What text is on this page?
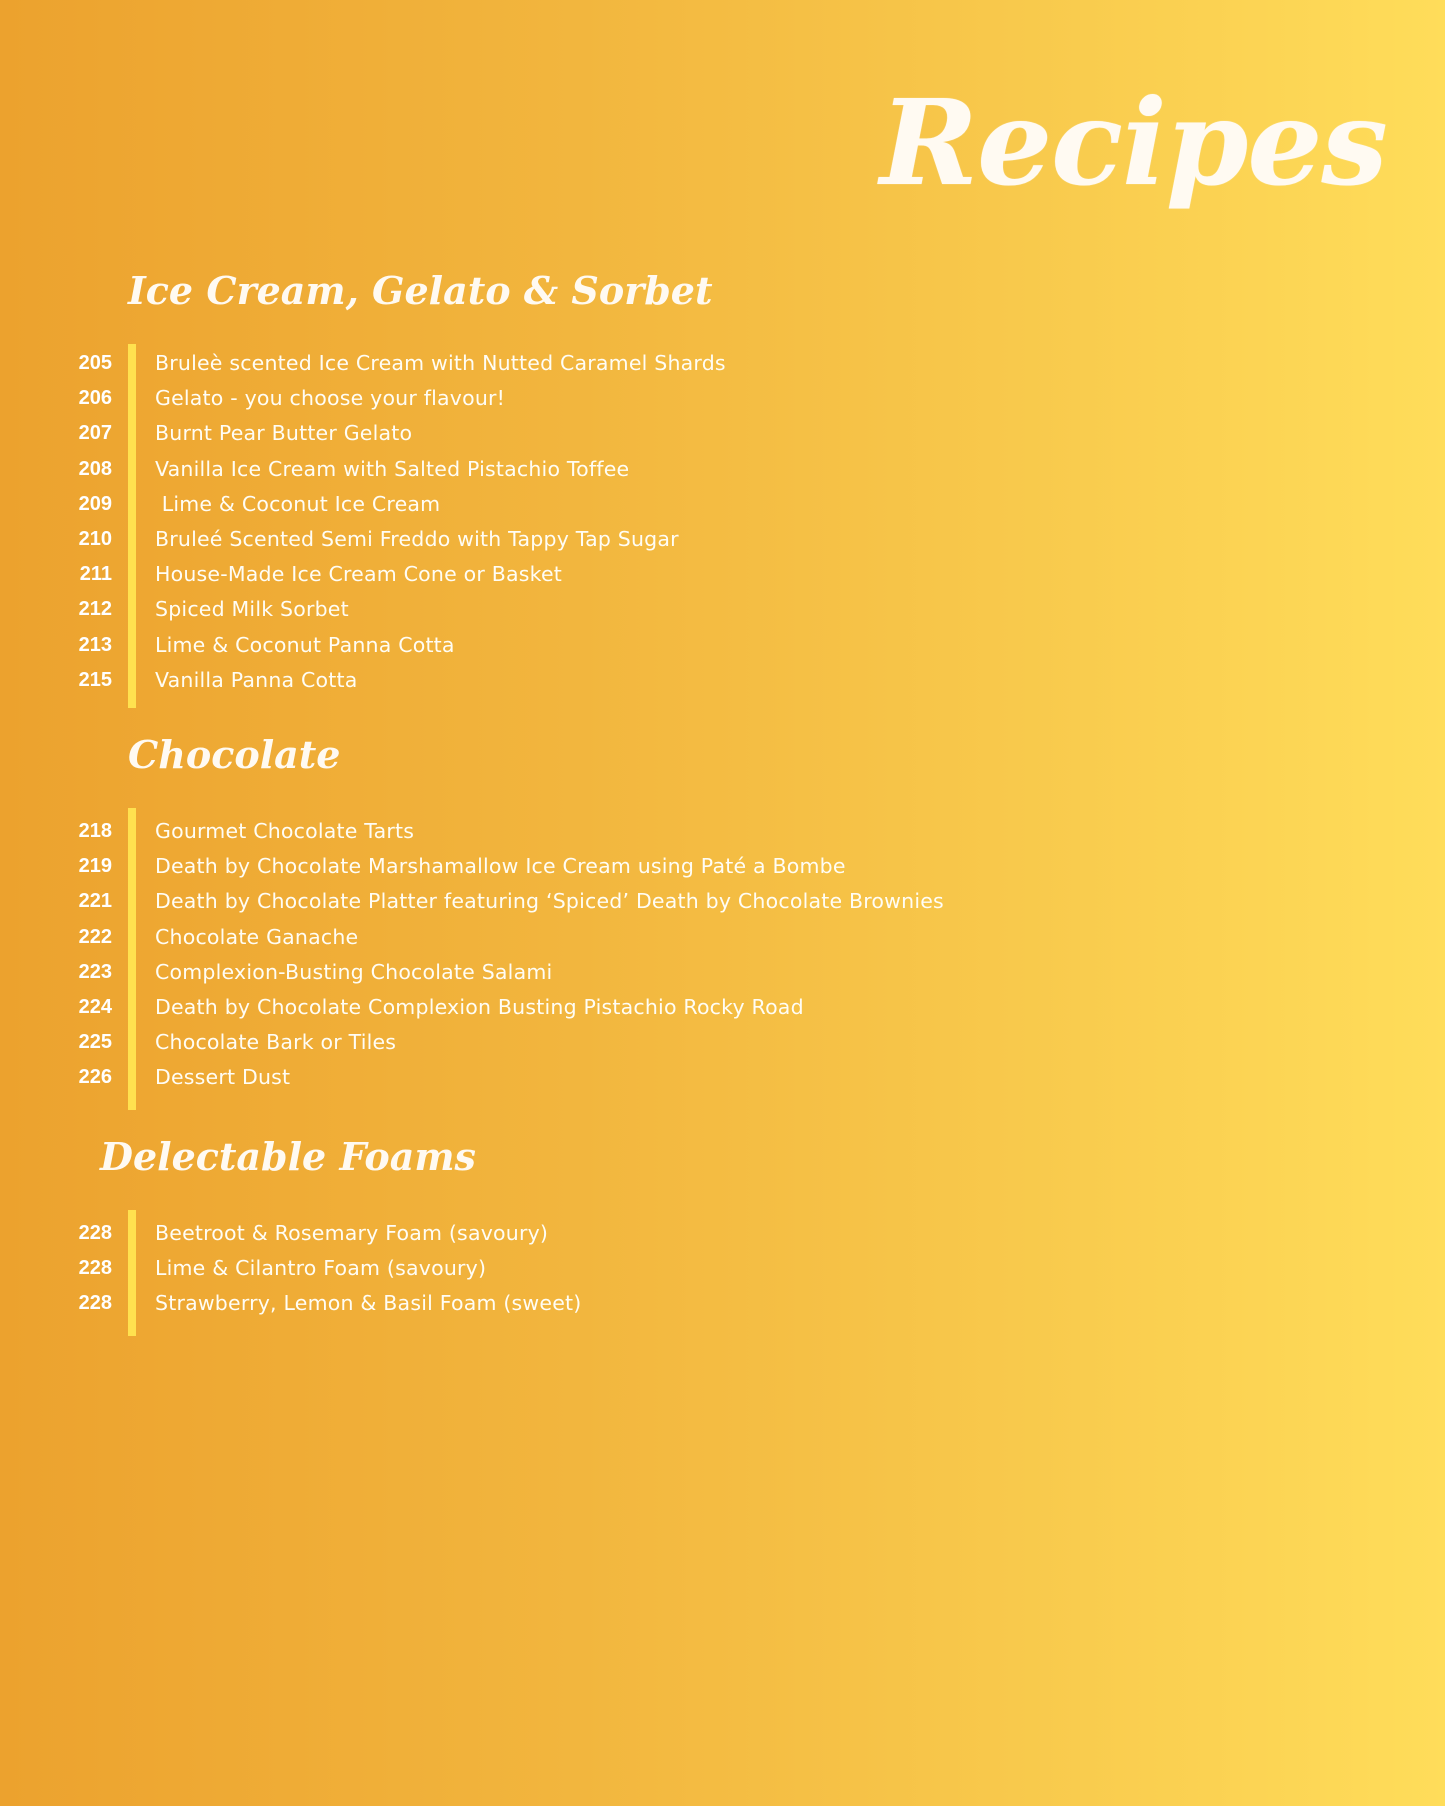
Recipes
Ice Cream, Gelato & Sorbet
205 Bruleè scented Ice Cream with Nutted Caramel Shards
206 Gelato - you choose your flavour!
207 Burnt Pear Butter Gelato
208 Vanilla Ice Cream with Salted Pistachio Toffee
209 Lime & Coconut Ice Cream
210 Bruleé Scented Semi Freddo with Tappy Tap Sugar
211 House-Made Ice Cream Cone or Basket
212 Spiced Milk Sorbet
213 Lime & Coconut Panna Cotta
215 Vanilla Panna Cotta
Chocolate
218 Gourmet Chocolate Tarts
219 Death by Chocolate Marshamallow Ice Cream using Paté a Bombe
221 Death by Chocolate Platter featuring ‘Spiced’ Death by Chocolate Brownies
222 Chocolate Ganache
223 Complexion-Busting Chocolate Salami
224 Death by Chocolate Complexion Busting Pistachio Rocky Road
225 Chocolate Bark or Tiles
226 Dessert Dust
Delectable Foams
228 Beetroot & Rosemary Foam (savoury)
228 Lime & Cilantro Foam (savoury)
228 Strawberry, Lemon & Basil Foam (sweet)
